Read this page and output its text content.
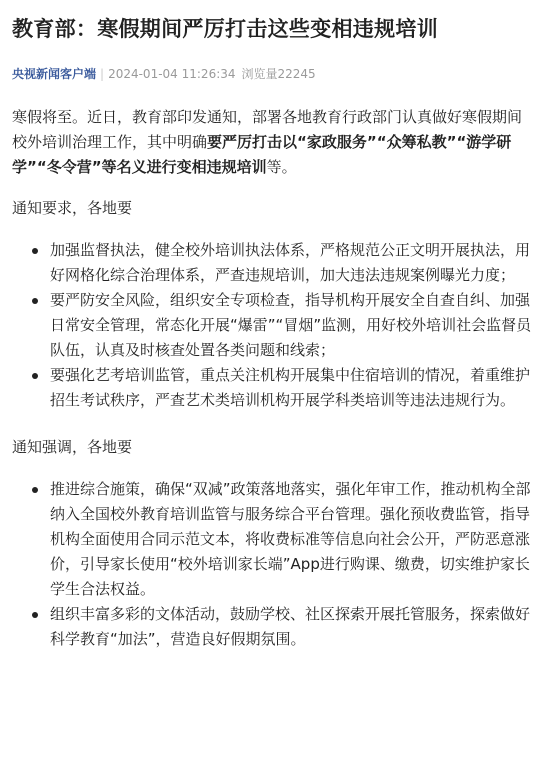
教育部：寒假期间严厉打击这些变相违规培训
央视新闻客户端 | 2024-01-04 11:26:34 浏览量22245

寒假将至。近日，教育部印发通知，部署各地教育行政部门认真做好寒假期间校外培训治理工作，其中明确要严厉打击以“家政服务”“众筹私教”“游学研学”“冬令营”等名义进行变相违规培训等。

通知要求，各地要

加强监督执法，健全校外培训执法体系，严格规范公正文明开展执法，用好网格化综合治理体系，严查违规培训，加大违法违规案例曝光力度；
要严防安全风险，组织安全专项检查，指导机构开展安全自查自纠、加强日常安全管理，常态化开展“爆雷”“冒烟”监测，用好校外培训社会监督员队伍，认真及时核查处置各类问题和线索；
要强化艺考培训监管，重点关注机构开展集中住宿培训的情况，着重维护招生考试秩序，严查艺术类培训机构开展学科类培训等违法违规行为。

通知强调，各地要

推进综合施策，确保“双减”政策落地落实，强化年审工作，推动机构全部纳入全国校外教育培训监管与服务综合平台管理。强化预收费监管，指导机构全面使用合同示范文本，将收费标准等信息向社会公开，严防恶意涨价，引导家长使用“校外培训家长端”App进行购课、缴费，切实维护家长学生合法权益。
组织丰富多彩的文体活动，鼓励学校、社区探索开展托管服务，探索做好科学教育“加法”，营造良好假期氛围。
